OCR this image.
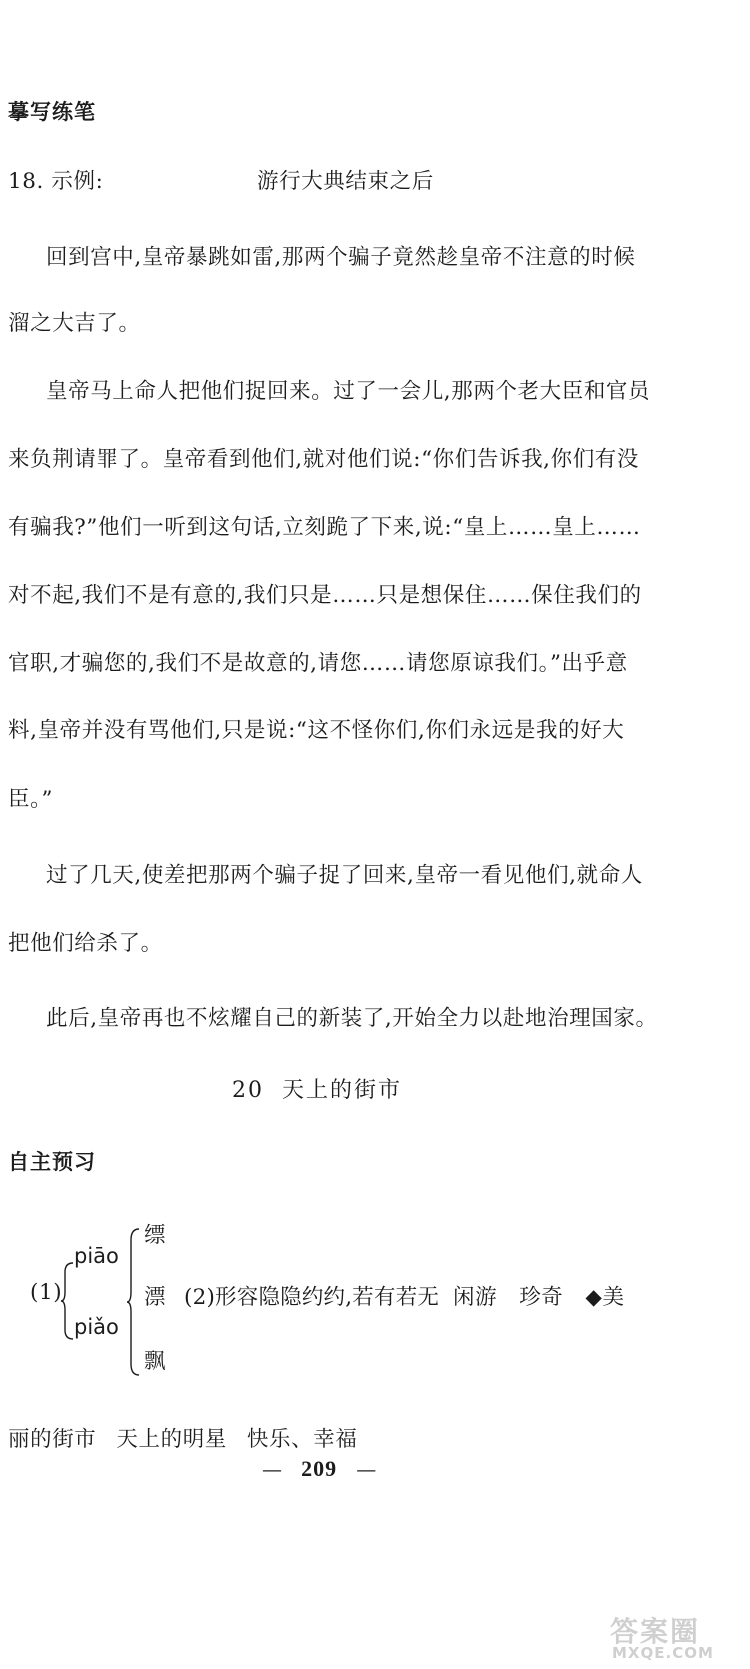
摹写练笔
18. 示例:	游行大典结束之后
回到宫中,皇帝暴跳如雷,那两个骗子竟然趁皇帝不注意的时候
溜之大吉了。
皇帝马上命人把他们捉回来。过了一会儿,那两个老大臣和官员
来负荆请罪了。皇帝看到他们,就对他们说:“你们告诉我,你们有没
有骗我?”他们一听到这句话,立刻跪了下来,说:“皇上……皇上……
对不起,我们不是有意的,我们只是……只是想保住……保住我们的
官职,才骗您的,我们不是故意的,请您……请您原谅我们。”出乎意
料,皇帝并没有骂他们,只是说:“这不怪你们,你们永远是我的好大
臣。”
过了几天,使差把那两个骗子捉了回来,皇帝一看见他们,就命人
把他们给杀了。
此后,皇帝再也不炫耀自己的新装了,开始全力以赴地治理国家。
20 天上的街市
自主预习
(1)
piāo
piǎo
缥
漂
飘
(2)形容隐隐约约,若有若无 闲游 珍奇 ◆美
丽的街市 天上的明星 快乐、幸福
— 209 —
答案圈
MXQE.COM
